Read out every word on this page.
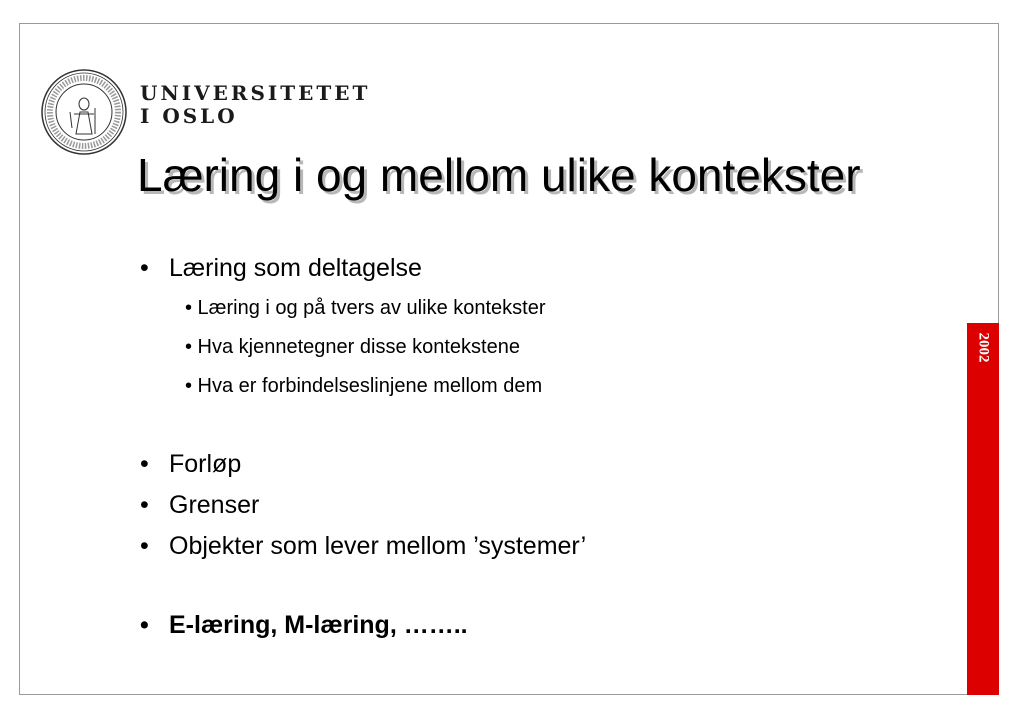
UNIVERSITETET
I OSLO
Læring i og mellom ulike kontekster
• Læring som deltagelse
• Læring i og på tvers av ulike kontekster
• Hva kjennetegner disse kontekstene
• Hva er forbindelseslinjene mellom dem
• Forløp
• Grenser
• Objekter som lever mellom ’systemer’
• E-læring, M-læring, ……..
2002
